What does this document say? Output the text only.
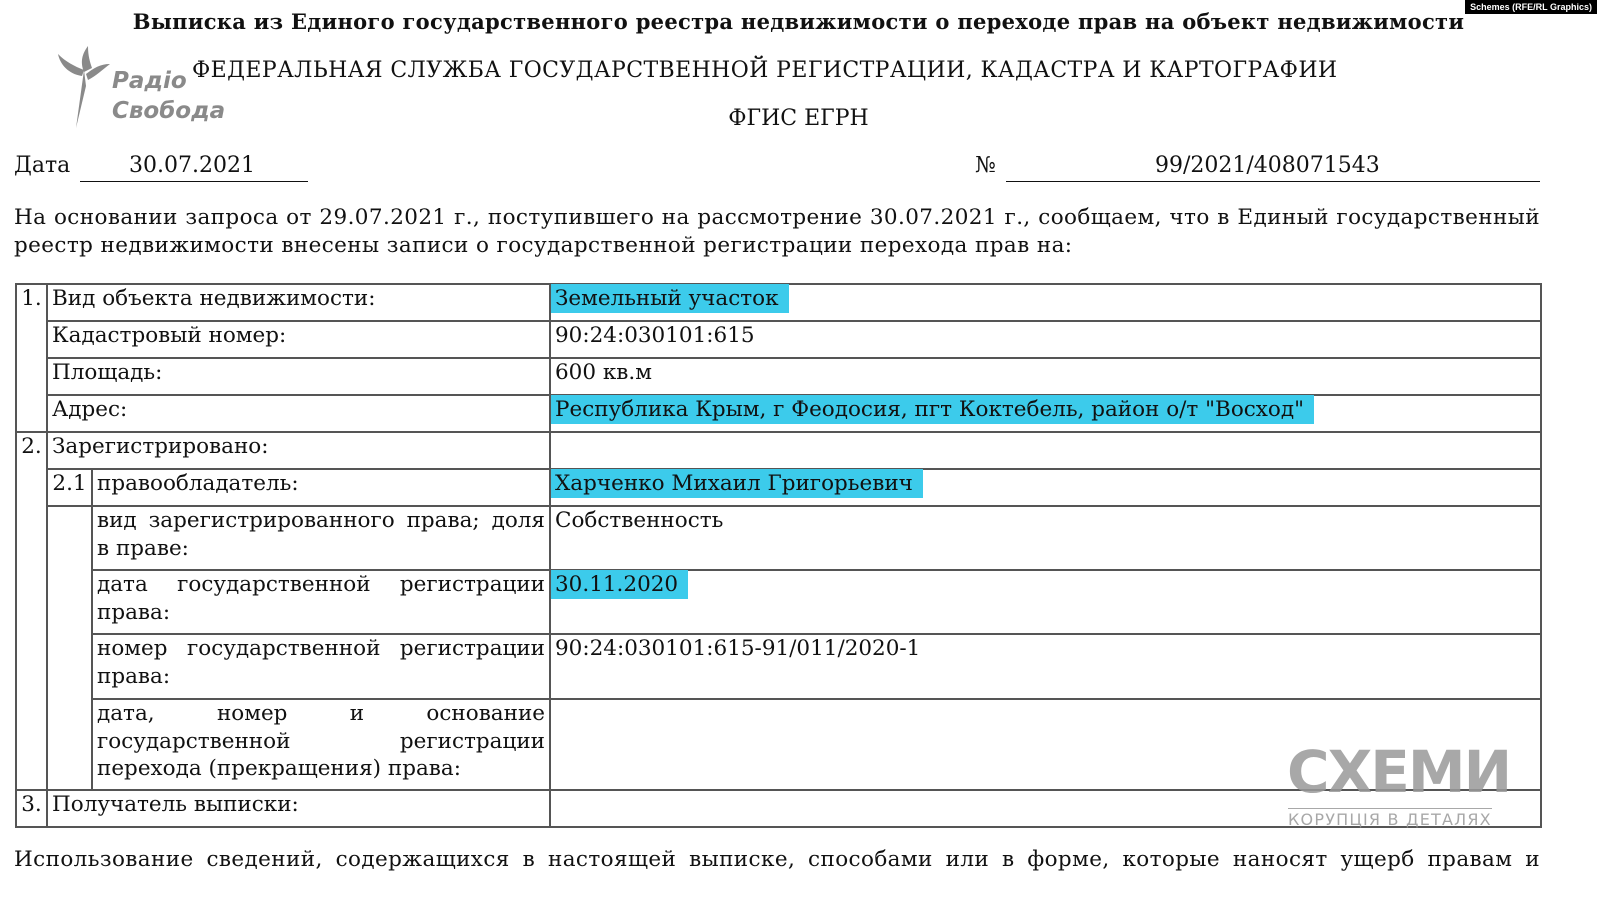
Schemes (RFE/RL Graphics)
Выписка из Единого государственного реестра недвижимости о переходе прав на объект недвижимости
Радіо
Свобода
ФЕДЕРАЛЬНАЯ СЛУЖБА ГОСУДАРСТВЕННОЙ РЕГИСТРАЦИИ, КАДАСТРА И КАРТОГРАФИИ
ФГИС ЕГРН
Дата	30.07.2021	№	99/2021/408071543
На основании запроса от 29.07.2021 г., поступившего на рассмотрение 30.07.2021 г., сообщаем, что в Единый государственный реестр недвижимости внесены записи о государственной регистрации перехода прав на:
1.	Вид объекта недвижимости:		Земельный участок
	Кадастровый номер:		90:24:030101:615
	Площадь:		600 кв.м
	Адрес:		Республика Крым, г Феодосия, пгт Коктебель, район о/т "Восход"
2.	Зарегистрировано:		
	2.1	правообладатель:	Харченко Михаил Григорьевич
		вид зарегистрированного права; доля в праве:	Собственность
		дата государственной регистрации права:	30.11.2020
		номер государственной регистрации права:	90:24:030101:615-91/011/2020-1
		дата, номер и основание государственной регистрации перехода (прекращения) права:	

3.	Получатель выписки:			СХЕМИ
КОРУПЦІЯ В ДЕТАЛЯХ
Использование сведений, содержащихся в настоящей выписке, способами или в форме, которые наносят ущерб правам и
